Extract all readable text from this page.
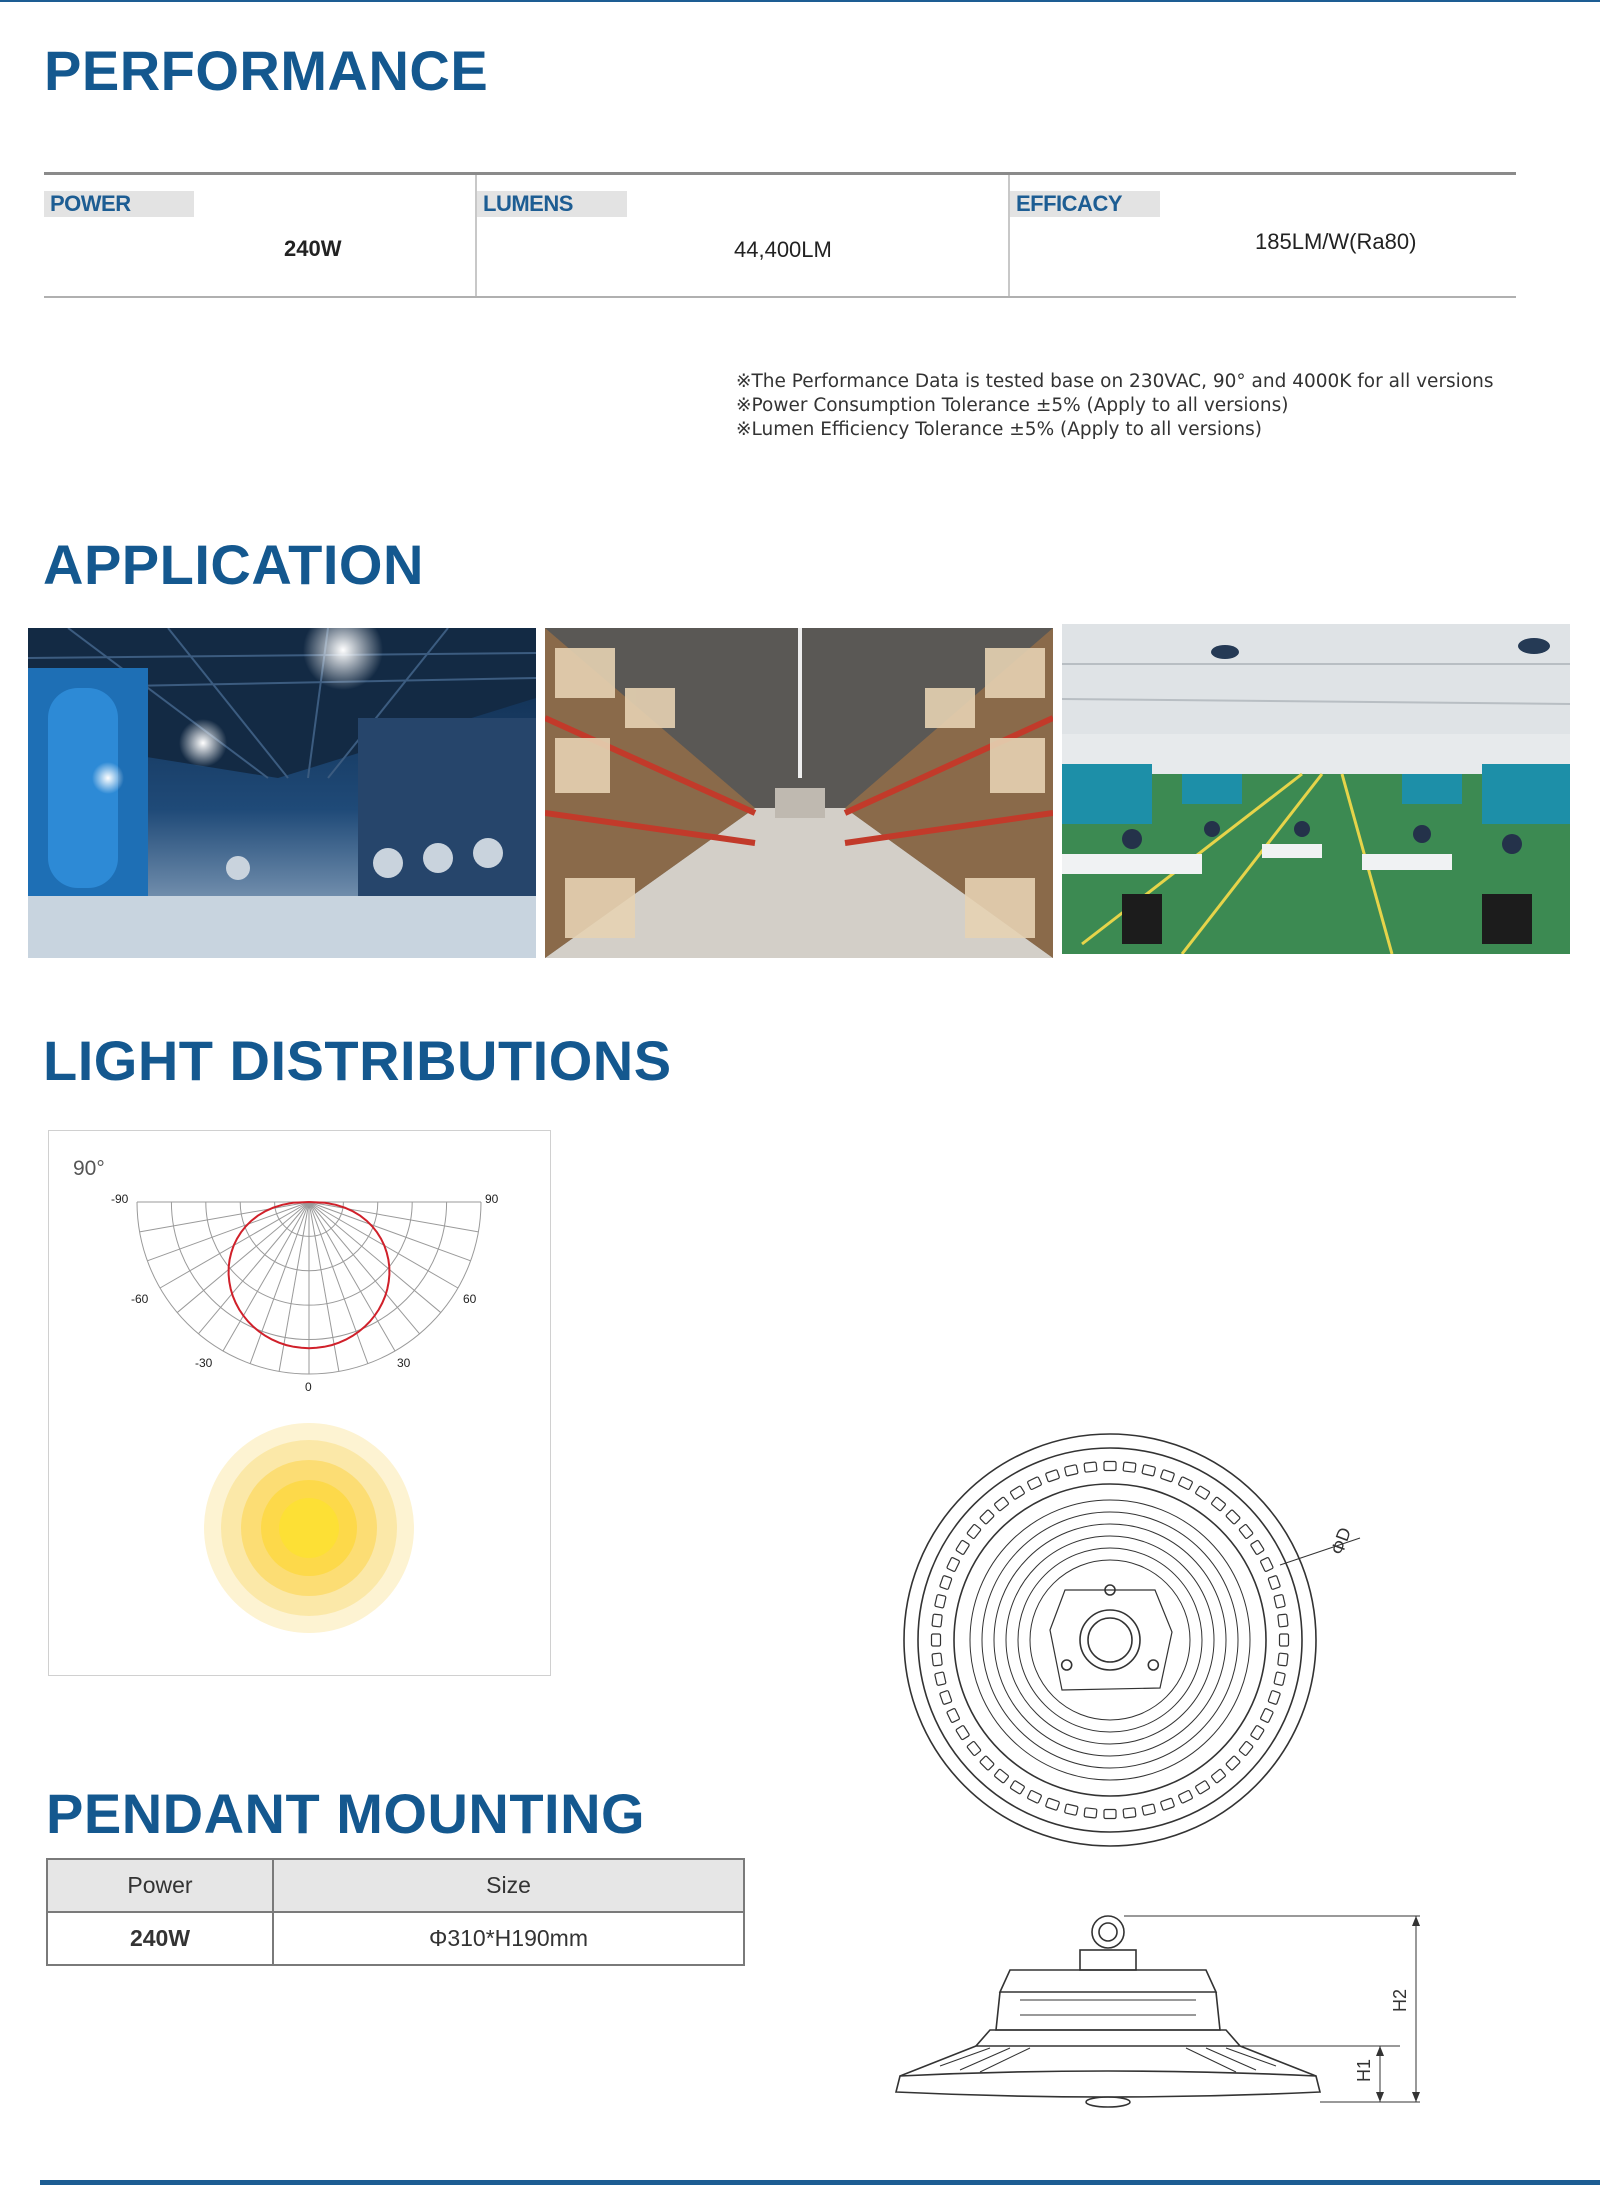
PERFORMANCE
POWER
240W
LUMENS
44,400LM
EFFICACY
185LM/W(Ra80)
※The Performance Data is tested base on 230VAC, 90° and 4000K for all versions
※Power Consumption Tolerance ±5% (Apply to all versions)
※Lumen Efficiency Tolerance ±5% (Apply to all versions)
APPLICATION
LIGHT DISTRIBUTIONS
90°
-90	90
-60	60
-30	30
0
PENDANT MOUNTING
Power	Size
240W	Φ310*H190mm
ΦD
H2
H1
